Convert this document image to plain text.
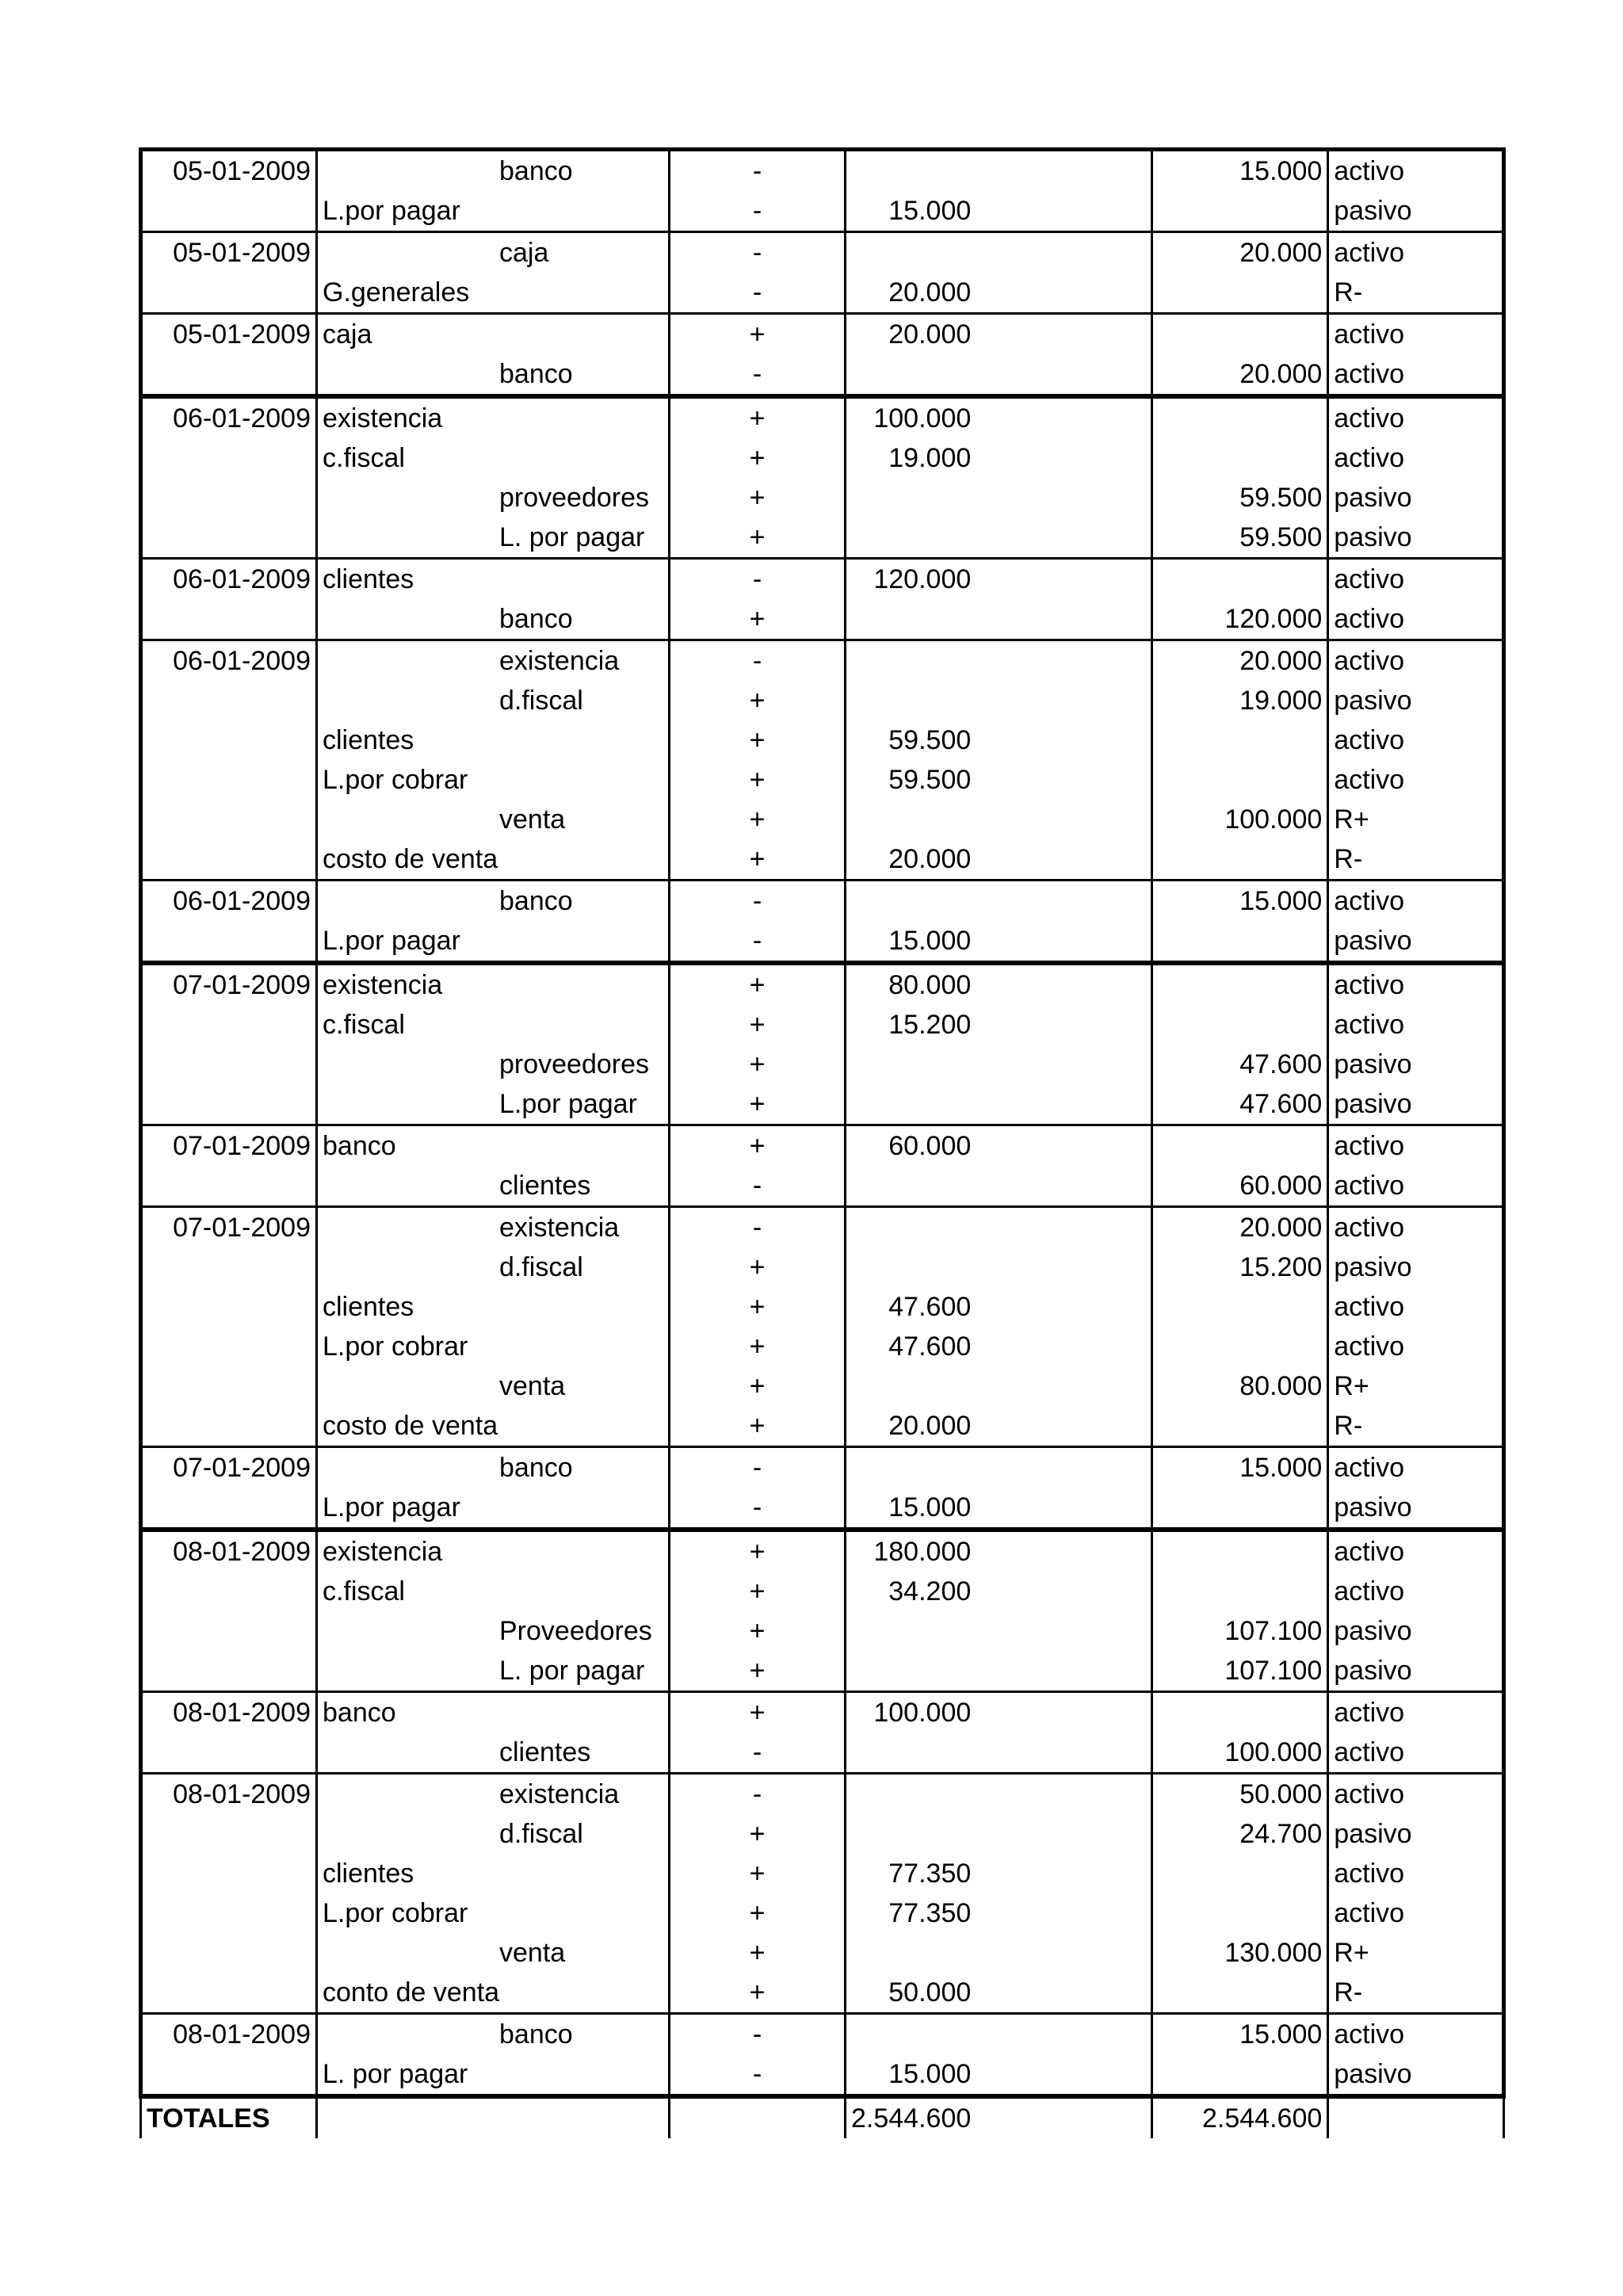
05-01-2009	banco	-		15.000	activo
	L.por pagar	-	15.000		pasivo
05-01-2009	caja	-		20.000	activo
	G.generales	-	20.000		R-
05-01-2009	caja	+	20.000		activo
	banco	-		20.000	activo
06-01-2009	existencia	+	100.000		activo
	c.fiscal	+	19.000		activo
	proveedores	+		59.500	pasivo
	L. por pagar	+		59.500	pasivo
06-01-2009	clientes	-	120.000		activo
	banco	+		120.000	activo
06-01-2009	existencia	-		20.000	activo
	d.fiscal	+		19.000	pasivo
	clientes	+	59.500		activo
	L.por cobrar	+	59.500		activo
	venta	+		100.000	R+
	costo de venta	+	20.000		R-
06-01-2009	banco	-		15.000	activo
	L.por pagar	-	15.000		pasivo
07-01-2009	existencia	+	80.000		activo
	c.fiscal	+	15.200		activo
	proveedores	+		47.600	pasivo
	L.por pagar	+		47.600	pasivo
07-01-2009	banco	+	60.000		activo
	clientes	-		60.000	activo
07-01-2009	existencia	-		20.000	activo
	d.fiscal	+		15.200	pasivo
	clientes	+	47.600		activo
	L.por cobrar	+	47.600		activo
	venta	+		80.000	R+
	costo de venta	+	20.000		R-
07-01-2009	banco	-		15.000	activo
	L.por pagar	-	15.000		pasivo
08-01-2009	existencia	+	180.000		activo
	c.fiscal	+	34.200		activo
	Proveedores	+		107.100	pasivo
	L. por pagar	+		107.100	pasivo
08-01-2009	banco	+	100.000		activo
	clientes	-		100.000	activo
08-01-2009	existencia	-		50.000	activo
	d.fiscal	+		24.700	pasivo
	clientes	+	77.350		activo
	L.por cobrar	+	77.350		activo
	venta	+		130.000	R+
	conto de venta	+	50.000		R-
08-01-2009	banco	-		15.000	activo
	L. por pagar	-	15.000		pasivo
TOTALES			2.544.600	2.544.600	
